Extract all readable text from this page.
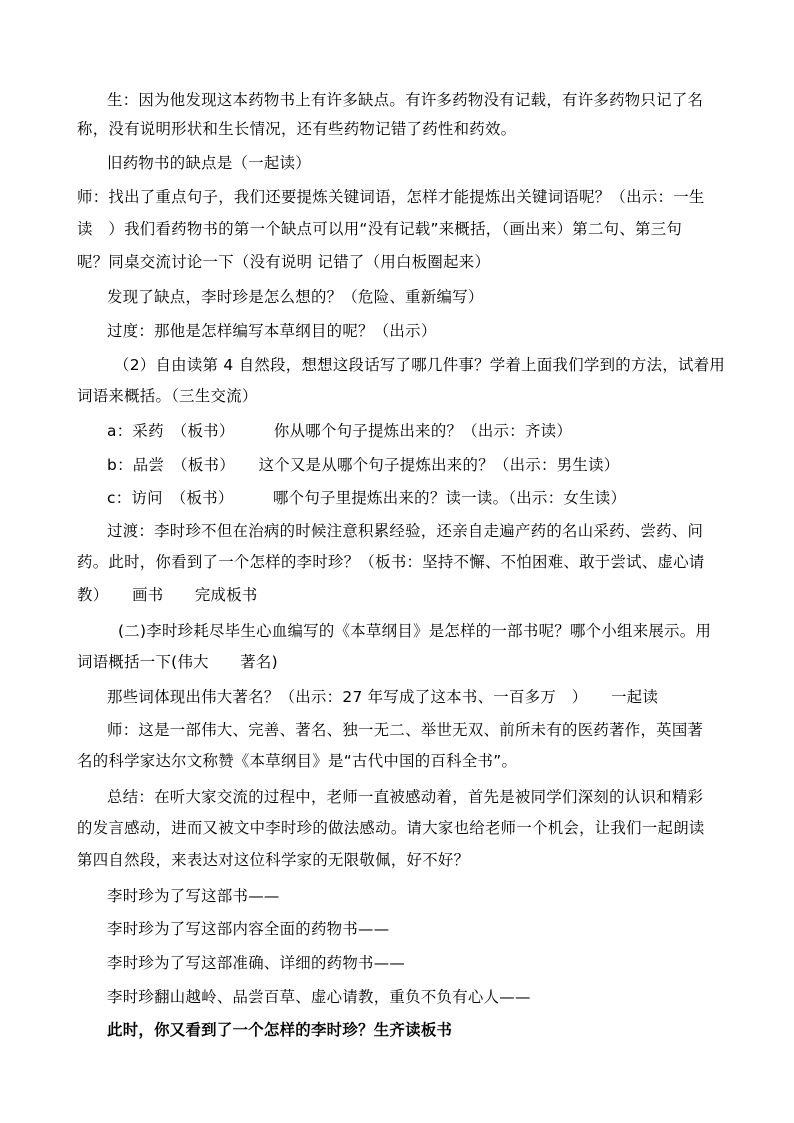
生：因为他发现这本药物书上有许多缺点。有许多药物没有记载，有许多药物只记了名
称，没有说明形状和生长情况，还有些药物记错了药性和药效。
旧药物书的缺点是（一起读）
师：找出了重点句子，我们还要提炼关键词语，怎样才能提炼出关键词语呢？（出示：一生
读　）我们看药物书的第一个缺点可以用“没有记载”来概括，（画出来）第二句、第三句
呢？同桌交流讨论一下（没有说明 记错了（用白板圈起来）
发现了缺点，李时珍是怎么想的？（危险、重新编写）
过度：那他是怎样编写本草纲目的呢？（出示）
（2）自由读第 4 自然段，想想这段话写了哪几件事？学着上面我们学到的方法，试着用
词语来概括。（三生交流）
a：采药　（板书）　　　你从哪个句子提炼出来的？（出示：齐读）
b：品尝　（板书）　　这个又是从哪个句子提炼出来的？（出示：男生读）
c：访问　（板书）　　　哪个句子里提炼出来的？读一读。（出示：女生读）
过渡：李时珍不但在治病的时候注意积累经验，还亲自走遍产药的名山采药、尝药、问
药。此时，你看到了一个怎样的李时珍？（板书：坚持不懈、不怕困难、敢于尝试、虚心请
教）　　画书　　完成板书
(二)李时珍耗尽毕生心血编写的《本草纲目》是怎样的一部书呢？哪个小组来展示。用
词语概括一下(伟大　　著名)
那些词体现出伟大著名？（出示：27 年写成了这本书、一百多万　）　　一起读
师：这是一部伟大、完善、著名、独一无二、举世无双、前所未有的医药著作，英国著
名的科学家达尔文称赞《本草纲目》是“古代中国的百科全书”。
总结：在听大家交流的过程中，老师一直被感动着，首先是被同学们深刻的认识和精彩
的发言感动，进而又被文中李时珍的做法感动。请大家也给老师一个机会，让我们一起朗读
第四自然段，来表达对这位科学家的无限敬佩，好不好？
李时珍为了写这部书——
李时珍为了写这部内容全面的药物书——
李时珍为了写这部准确、详细的药物书——
李时珍翻山越岭、品尝百草、虚心请教，重负不负有心人——
此时，你又看到了一个怎样的李时珍？生齐读板书
